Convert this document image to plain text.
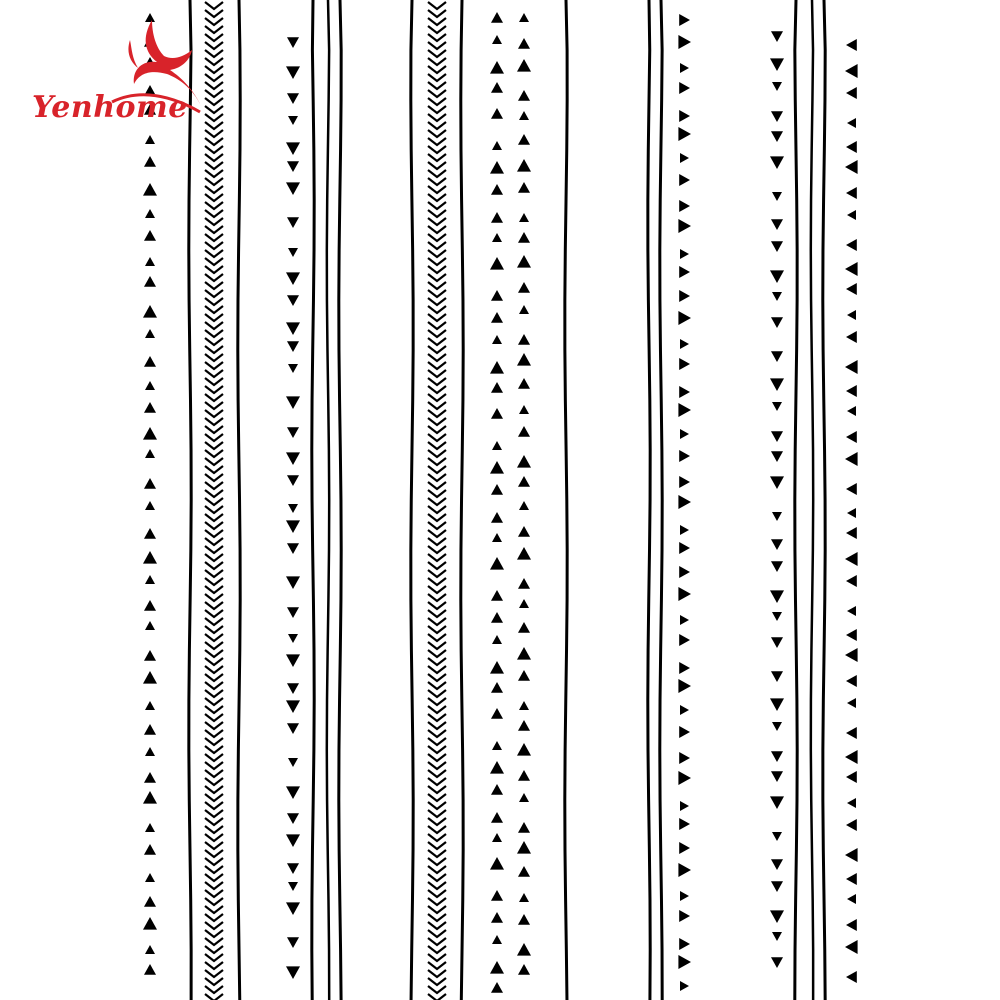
Yenhome
